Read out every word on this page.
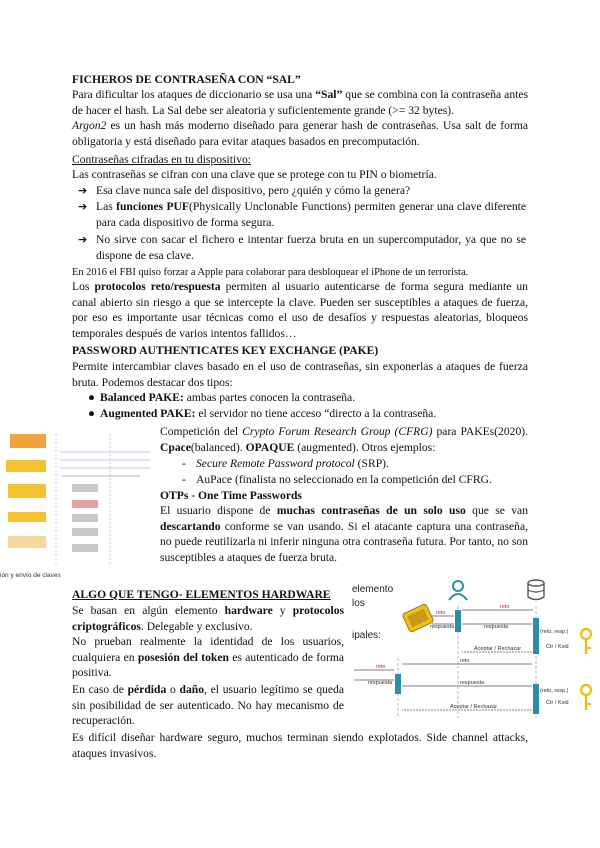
FICHEROS DE CONTRASEÑA CON “SAL”
Para dificultar los ataques de diccionario se usa una “Sal” que se combina con la contraseña antes de hacer el hash. La Sal debe ser aleatoria y suficientemente grande (>= 32 bytes).
Argon2 es un hash más moderno diseñado para generar hash de contraseñas. Usa salt de forma obligatoria y está diseñado para evitar ataques basados en precomputación.
Contraseñas cifradas en tu dispositivo:
Las contraseñas se cifran con una clave que se protege con tu PIN o biometría.
➔ Esa clave nunca sale del dispositivo, pero ¿quién y cómo la genera?
➔ Las funciones PUF(Physically Unclonable Functions) permiten generar una clave diferente para cada dispositivo de forma segura.
➔ No sirve con sacar el fichero e intentar fuerza bruta en un supercomputador, ya que no se dispone de esa clave.
En 2016 el FBI quiso forzar a Apple para colaborar para desbloquear el iPhone de un terrorista.
Los protocolos reto/respuesta permiten al usuario autenticarse de forma segura mediante un canal abierto sin riesgo a que se intercepte la clave. Pueden ser susceptibles a ataques de fuerza, por eso es importante usar técnicas como el uso de desafíos y respuestas aleatorias, bloqueos temporales después de varios intentos fallidos…
PASSWORD AUTHENTICATES KEY EXCHANGE (PAKE)
Permite intercambiar claves basado en el uso de contraseñas, sin exponerlas a ataques de fuerza bruta. Podemos destacar dos tipos:
● Balanced PAKE: ambas partes conocen la contraseña.
● Augmented PAKE: el servidor no tiene acceso “directo a la contraseña.
ión y envío de claves
Competición del Crypto Forum Research Group (CFRG) para PAKEs(2020). Cpace(balanced). OPAQUE (augmented). Otros ejemplos:
- Secure Remote Password protocol (SRP).
- AuPace (finalista no seleccionado en la competición del CFRG.
OTPs - One Time Passwords
El usuario dispone de muchas contraseñas de un solo uso que se van descartando conforme se van usando. Si el atacante captura una contraseña, no puede reutilizarla ni inferir ninguna otra contraseña futura. Por tanto, no son susceptibles a ataques de fuerza bruta.
ALGO QUE TENGO- ELEMENTOS HARDWARE
Se basan en algún elemento hardware y protocolos criptográficos. Delegable y exclusivo.
No prueban realmente la identidad de los usuarios, cualquiera en posesión del token es autenticado de forma positiva.
En caso de pérdida o daño, el usuario legítimo se queda sin posibilidad de ser autenticado. No hay mecanismo de recuperación.
Es difícil diseñar hardware seguro, muchos terminan siendo explotados. Side channel attacks, ataques invasivos.
elemento
los
ipales:
reto
reto
respuesta	respuesta
(reto, resp.)
Ctr / Ksid
Aceptar / Rechazar
reto
reto
respuesta	respuesta
(reto, resp.)
Ctr / Ksid
Aceptar / Rechazar
